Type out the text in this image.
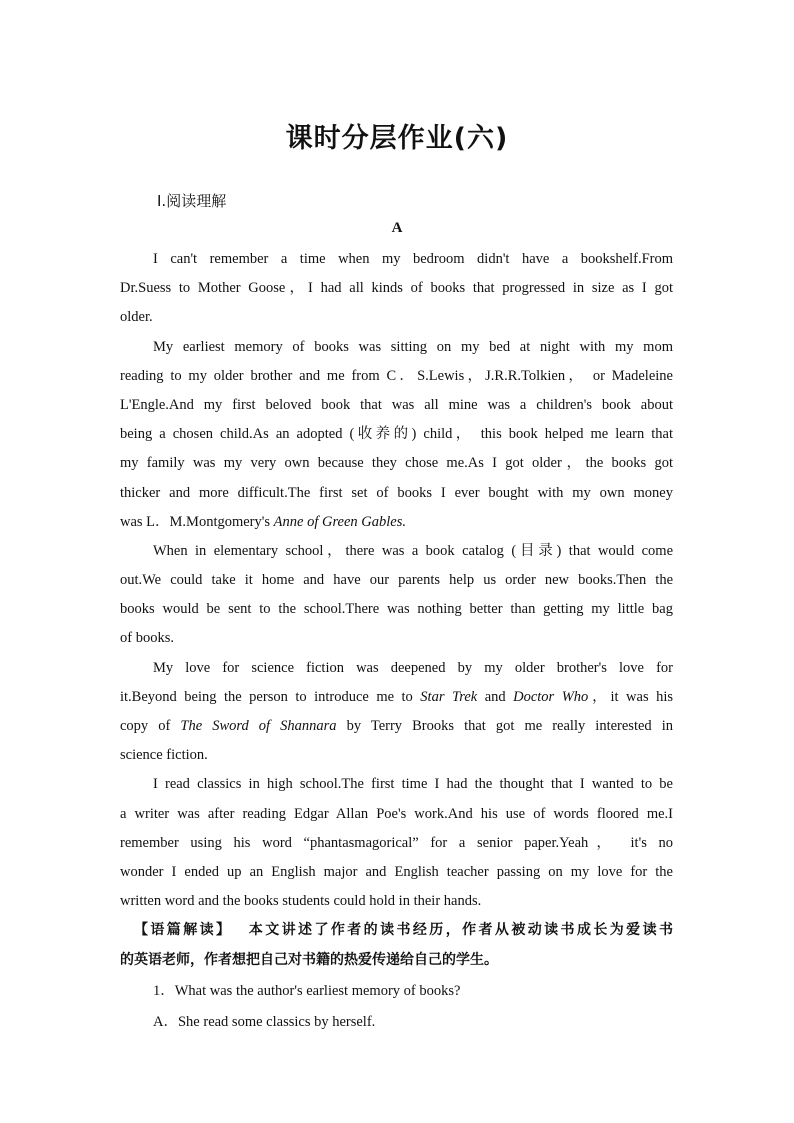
课时分层作业(六)
Ⅰ.阅读理解
A
I can't remember a time when my bedroom didn't have a bookshelf.From
Dr.Suess to Mother Goose，I had all kinds of books that progressed in size as I got
older.
My earliest memory of books was sitting on my bed at night with my mom
reading to my older brother and me from C．S.Lewis，J.R.R.Tolkien， or Madeleine
L'Engle.And my first beloved book that was all mine was a children's book about
being a chosen child.As an adopted (收养的) child， this book helped me learn that
my family was my very own because they chose me.As I got older，the books got
thicker and more difficult.The first set of books I ever bought with my own money
was L．M.Montgomery's Anne of Green Gables.
When in elementary school，there was a book catalog (目录) that would come
out.We could take it home and have our parents help us order new books.Then the
books would be sent to the school.There was nothing better than getting my little bag
of books.
My love for science fiction was deepened by my older brother's love for
it.Beyond being the person to introduce me to Star Trek and Doctor Who，it was his
copy of The Sword of Shannara by Terry Brooks that got me really interested in
science fiction.
I read classics in high school.The first time I had the thought that I wanted to be
a writer was after reading Edgar Allan Poe's work.And his use of words floored me.I
remember using his word “phantasmagorical” for a senior paper.Yeah， it's no
wonder I ended up an English major and English teacher passing on my love for the
written word and the books students could hold in their hands.
【语篇解读】 本文讲述了作者的读书经历，作者从被动读书成长为爱读书
的英语老师，作者想把自己对书籍的热爱传递给自己的学生。
1．What was the author's earliest memory of books?
A．She read some classics by herself.
